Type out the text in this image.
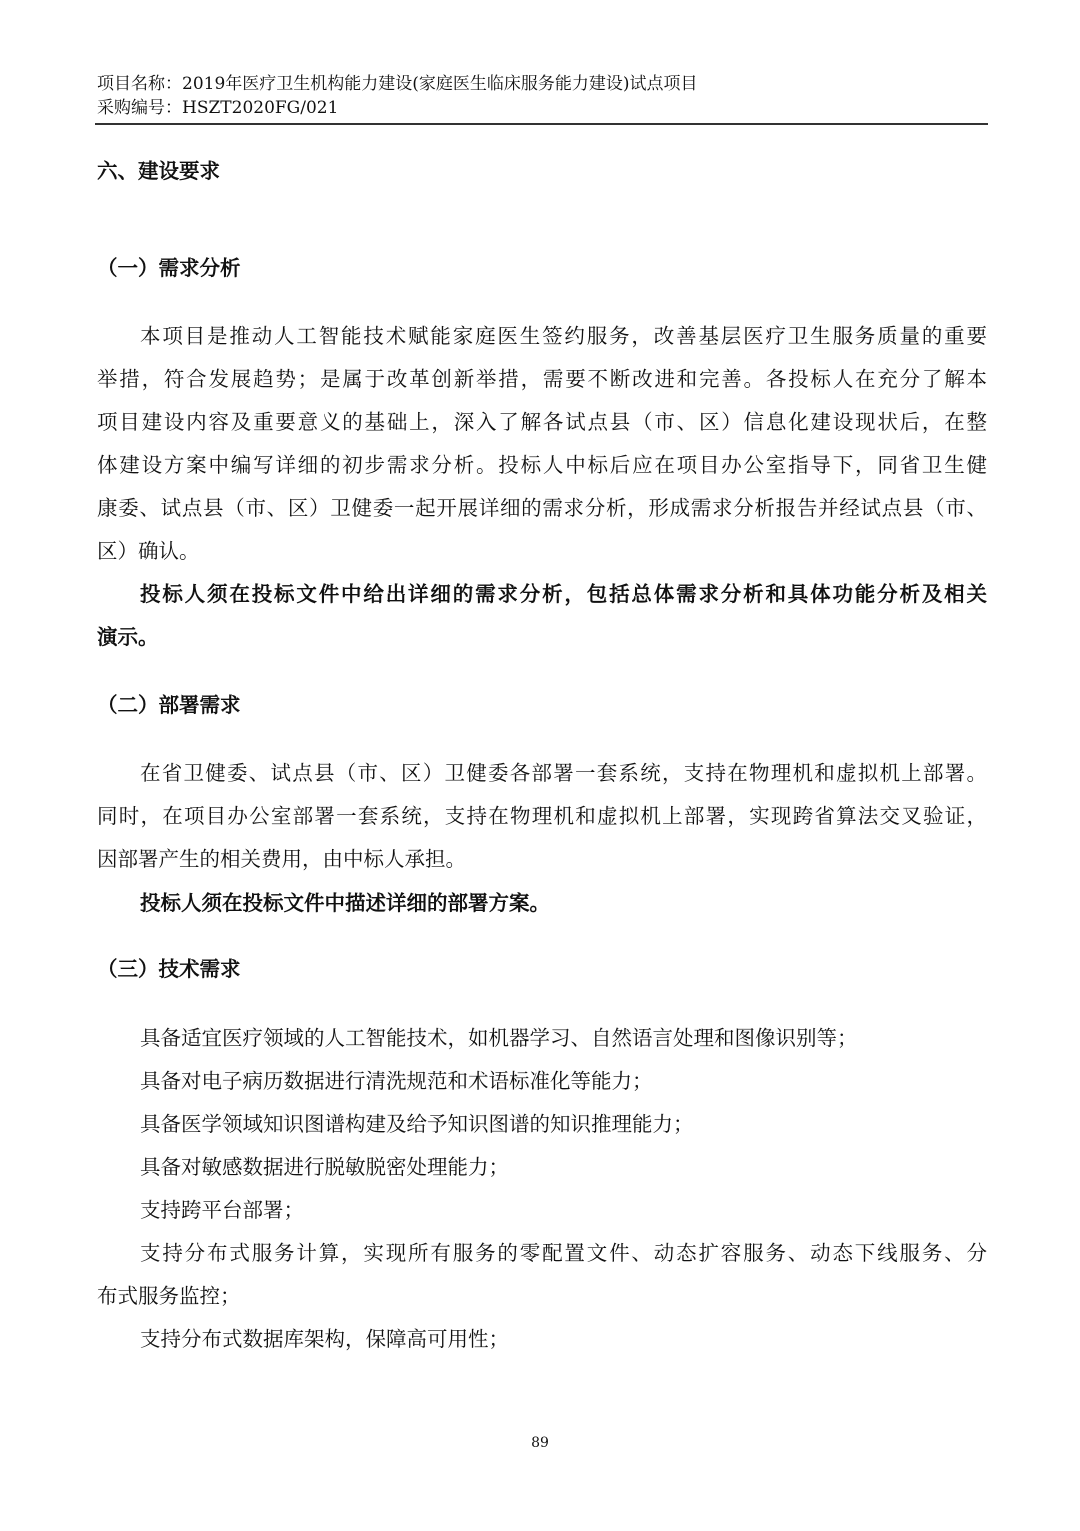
项目名称：2019年医疗卫生机构能力建设(家庭医生临床服务能力建设)试点项目
采购编号：HSZT2020FG/021
六、建设要求
（一）需求分析
本项目是推动人工智能技术赋能家庭医生签约服务，改善基层医疗卫生服务质量的重要
举措，符合发展趋势；是属于改革创新举措，需要不断改进和完善。各投标人在充分了解本
项目建设内容及重要意义的基础上，深入了解各试点县（市、区）信息化建设现状后，在整
体建设方案中编写详细的初步需求分析。投标人中标后应在项目办公室指导下，同省卫生健
康委、试点县（市、区）卫健委一起开展详细的需求分析，形成需求分析报告并经试点县（市、
区）确认。
投标人须在投标文件中给出详细的需求分析，包括总体需求分析和具体功能分析及相关
演示。
（二）部署需求
在省卫健委、试点县（市、区）卫健委各部署一套系统，支持在物理机和虚拟机上部署。
同时，在项目办公室部署一套系统，支持在物理机和虚拟机上部署，实现跨省算法交叉验证，
因部署产生的相关费用，由中标人承担。
投标人须在投标文件中描述详细的部署方案。
（三）技术需求
具备适宜医疗领域的人工智能技术，如机器学习、自然语言处理和图像识别等；
具备对电子病历数据进行清洗规范和术语标准化等能力；
具备医学领域知识图谱构建及给予知识图谱的知识推理能力；
具备对敏感数据进行脱敏脱密处理能力；
支持跨平台部署；
支持分布式服务计算，实现所有服务的零配置文件、动态扩容服务、动态下线服务、分
布式服务监控；
支持分布式数据库架构，保障高可用性；
89
